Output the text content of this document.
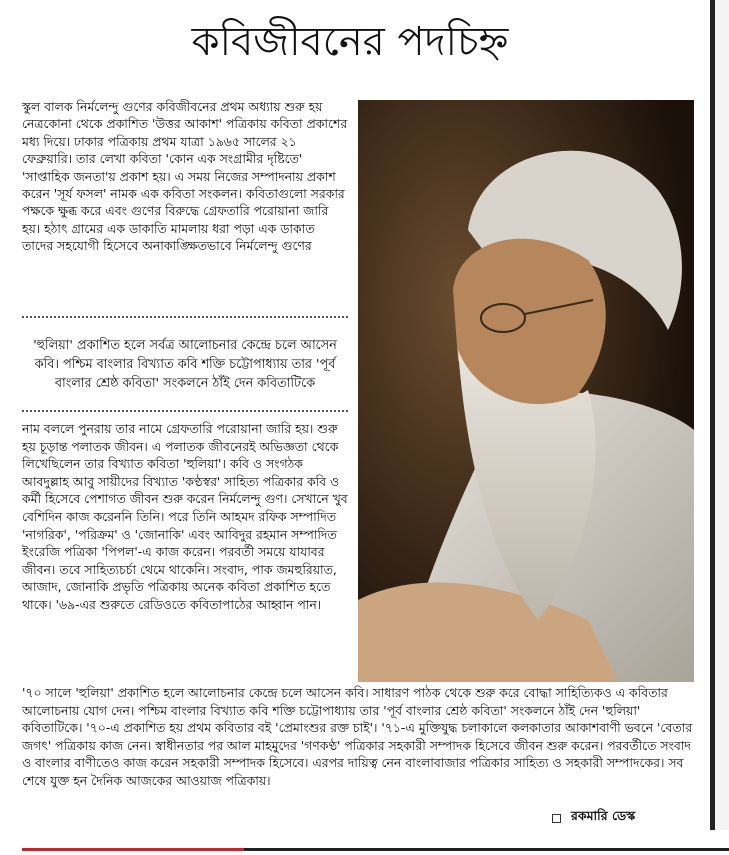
কবিজীবনের পদচিহ্ন

স্কুল বালক নির্মলেন্দু গুণের কবিজীবনের প্রথম অধ্যায় শুরু হয় নেত্রকোনা থেকে প্রকাশিত 'উত্তর আকাশ' পত্রিকায় কবিতা প্রকাশের মধ্য দিয়ে। ঢাকার পত্রিকায় প্রথম যাত্রা ১৯৬৫ সালের ২১ ফেব্রুয়ারি। তার লেখা কবিতা 'কোন এক সংগ্রামীর দৃষ্টিতে' 'সাপ্তাহিক জনতা'য় প্রকাশ হয়। এ সময় নিজের সম্পাদনায় প্রকাশ করেন 'সূর্য ফসল' নামক এক কবিতা সংকলন। কবিতাগুলো সরকার পক্ষকে ক্ষুব্ধ করে এবং গুণের বিরুদ্ধে গ্রেফতারি পরোয়ানা জারি হয়। হঠাৎ গ্রামের এক ডাকাতি মামলায় ধরা পড়া এক ডাকাত তাদের সহযোগী হিসেবে অনাকাঙ্ক্ষিতভাবে নির্মলেন্দু গুণের

'হুলিয়া' প্রকাশিত হলে সর্বত্র আলোচনার কেন্দ্রে চলে আসেন কবি। পশ্চিম বাংলার বিখ্যাত কবি শক্তি চট্টোপাধ্যায় তার 'পূর্ব বাংলার শ্রেষ্ঠ কবিতা' সংকলনে ঠাঁই দেন কবিতাটিকে

নাম বললে পুনরায় তার নামে গ্রেফতারি পরোয়ানা জারি হয়। শুরু হয় চূড়ান্ত পলাতক জীবন। এ পলাতক জীবনেরই অভিজ্ঞতা থেকে লিখেছিলেন তার বিখ্যাত কবিতা 'হুলিয়া'। কবি ও সংগঠক আবদুল্লাহ আবু সায়ীদের বিখ্যাত 'কণ্ঠস্বর' সাহিত্য পত্রিকার কবি ও কর্মী হিসেবে পেশাগত জীবন শুরু করেন নির্মলেন্দু গুণ। সেখানে খুব বেশিদিন কাজ করেননি তিনি। পরে তিনি আহমদ রফিক সম্পাদিত 'নাগরিক', 'পরিক্রম' ও 'জোনাকি' এবং আবিদুর রহমান সম্পাদিত ইংরেজি পত্রিকা 'পিপল'-এ কাজ করেন। পরবর্তী সময়ে যাযাবর জীবন। তবে সাহিত্যচর্চা থেমে থাকেনি। সংবাদ, পাক জমহুরিয়াত, আজাদ, জোনাকি প্রভৃতি পত্রিকায় অনেক কবিতা প্রকাশিত হতে থাকে। '৬৯-এর শুরুতে রেডিওতে কবিতাপাঠের আহ্বান পান।

'৭০ সালে 'হুলিয়া' প্রকাশিত হলে আলোচনার কেন্দ্রে চলে আসেন কবি। সাধারণ পাঠক থেকে শুরু করে বোদ্ধা সাহিত্যিকও এ কবিতার আলোচনায় যোগ দেন। পশ্চিম বাংলার বিখ্যাত কবি শক্তি চট্টোপাধ্যায় তার 'পূর্ব বাংলার শ্রেষ্ঠ কবিতা' সংকলনে ঠাঁই দেন 'হুলিয়া' কবিতাটিকে। '৭০-এ প্রকাশিত হয় প্রথম কবিতার বই 'প্রেমাংশুর রক্ত চাই'। '৭১-এ মুক্তিযুদ্ধ চলাকালে কলকাতার আকাশবাণী ভবনে 'বেতার জগৎ' পত্রিকায় কাজ নেন। স্বাধীনতার পর আল মাহমুদের 'গণকণ্ঠ' পত্রিকার সহকারী সম্পাদক হিসেবে জীবন শুরু করেন। পরবর্তীতে সংবাদ ও বাংলার বাণীতেও কাজ করেন সহকারী সম্পাদক হিসেবে। এরপর দায়িত্ব নেন বাংলাবাজার পত্রিকার সাহিত্য ও সহকারী সম্পাদকের। সব শেষে যুক্ত হন দৈনিক আজকের আওয়াজ পত্রিকায়।

রকমারি ডেস্ক
